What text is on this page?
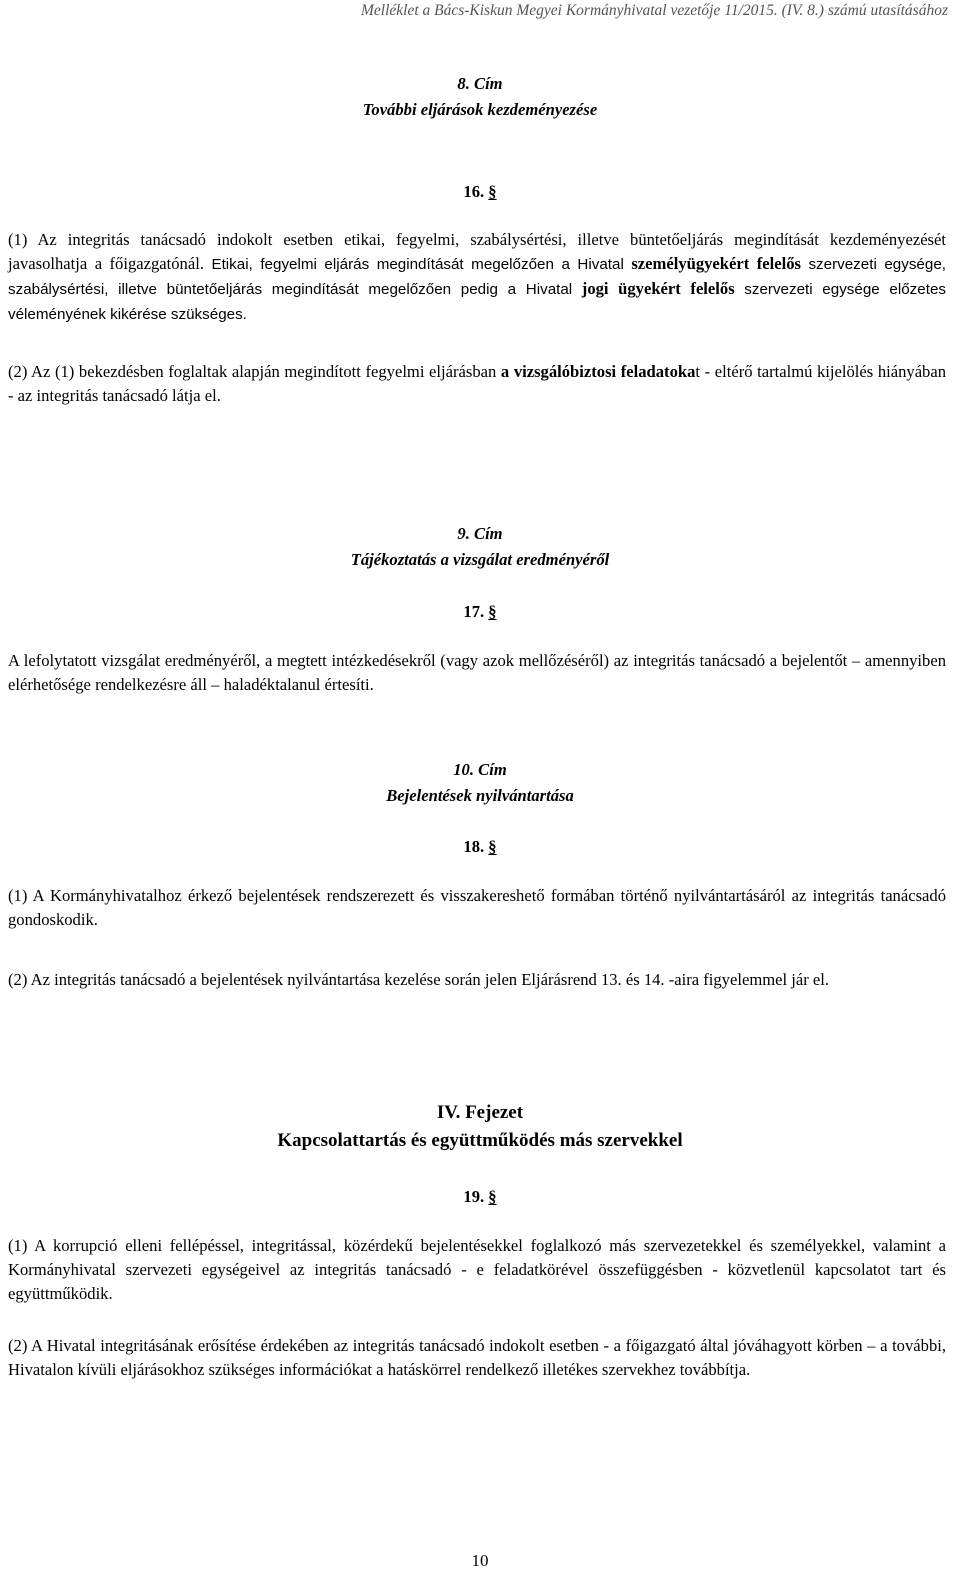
Melléklet a Bács-Kiskun Megyei Kormányhivatal vezetője 11/2015. (IV. 8.) számú utasításához
8. Cím
További eljárások kezdeményezése
16. §

(1) Az integritás tanácsadó indokolt esetben etikai, fegyelmi, szabálysértési, illetve büntetőeljárás megindítását kezdeményezését javasolhatja a főigazgatónál. Etikai, fegyelmi eljárás megindítását megelőzően a Hivatal személyügyekért felelős szervezeti egysége, szabálysértési, illetve büntetőeljárás megindítását megelőzően pedig a Hivatal jogi ügyekért felelős szervezeti egysége előzetes véleményének kikérése szükséges.

(2) Az (1) bekezdésben foglaltak alapján megindított fegyelmi eljárásban a vizsgálóbiztosi feladatokat - eltérő tartalmú kijelölés hiányában - az integritás tanácsadó látja el.

9. Cím
Tájékoztatás a vizsgálat eredményéről
17. §

A lefolytatott vizsgálat eredményéről, a megtett intézkedésekről (vagy azok mellőzéséről) az integritás tanácsadó a bejelentőt – amennyiben elérhetősége rendelkezésre áll – haladéktalanul értesíti.

10. Cím
Bejelentések nyilvántartása
18. §

(1) A Kormányhivatalhoz érkező bejelentések rendszerezett és visszakereshető formában történő nyilvántartásáról az integritás tanácsadó gondoskodik.

(2) Az integritás tanácsadó a bejelentések nyilvántartása kezelése során jelen Eljárásrend 13. és 14. -aira figyelemmel jár el.

IV. Fejezet
Kapcsolattartás és együttműködés más szervekkel
19. §

(1) A korrupció elleni fellépéssel, integritással, közérdekű bejelentésekkel foglalkozó más szervezetekkel és személyekkel, valamint a Kormányhivatal szervezeti egységeivel az integritás tanácsadó - e feladatkörével összefüggésben - közvetlenül kapcsolatot tart és együttműködik.

(2) A Hivatal integritásának erősítése érdekében az integritás tanácsadó indokolt esetben - a főigazgató által jóváhagyott körben – a további, Hivatalon kívüli eljárásokhoz szükséges információkat a hatáskörrel rendelkező illetékes szervekhez továbbítja.

10
